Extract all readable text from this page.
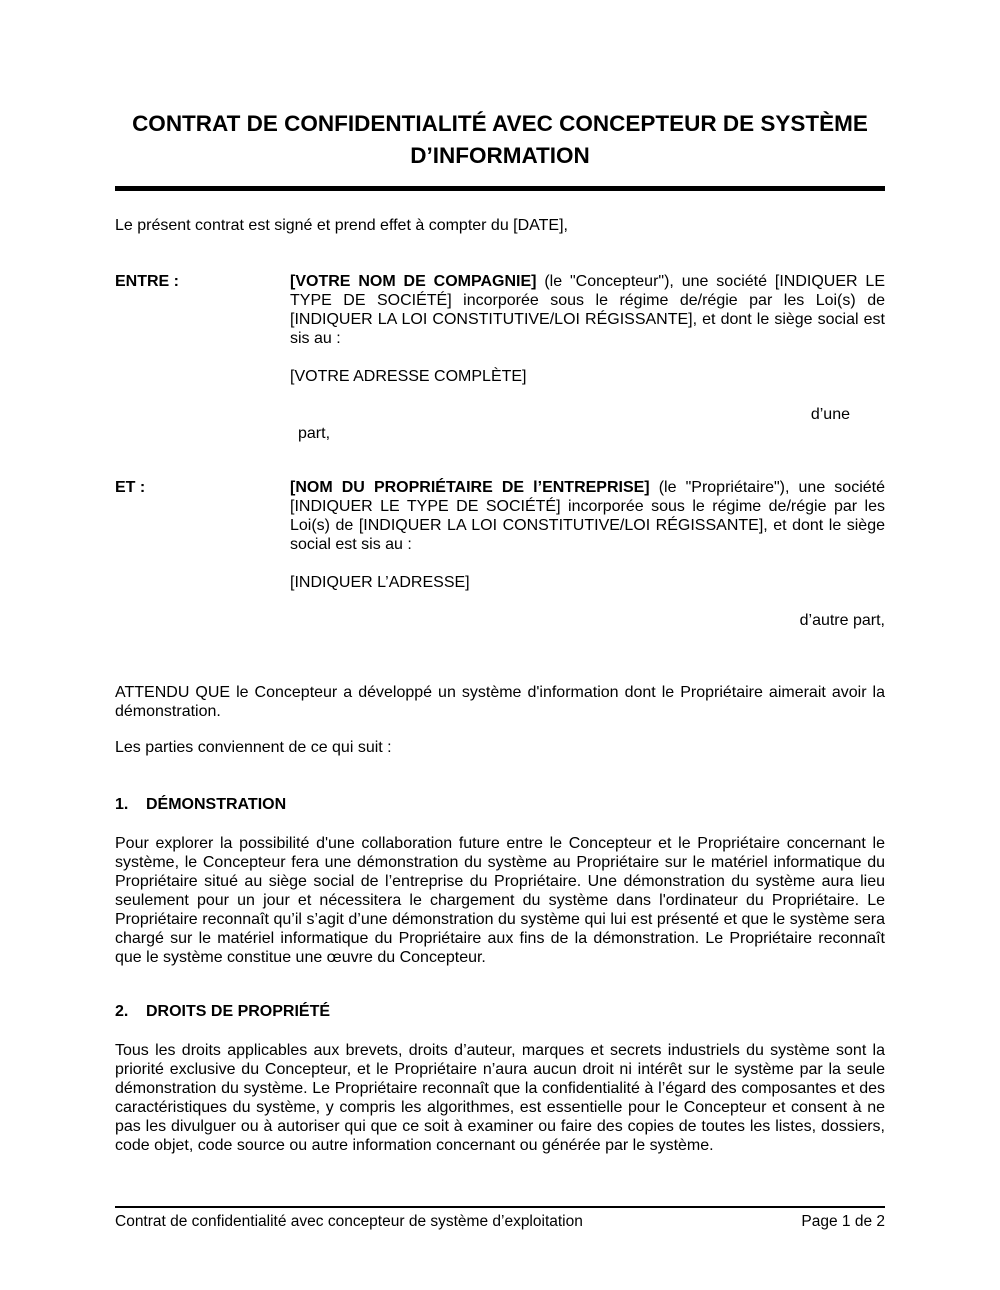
CONTRAT DE CONFIDENTIALITÉ AVEC CONCEPTEUR DE SYSTÈME D’INFORMATION

Le présent contrat est signé et prend effet à compter du [DATE],

ENTRE :	[VOTRE NOM DE COMPAGNIE] (le "Concepteur"), une société [INDIQUER LE TYPE DE SOCIÉTÉ] incorporée sous le régime de/régie par les Loi(s) de [INDIQUER LA LOI CONSTITUTIVE/LOI RÉGISSANTE], et dont le siège social est sis au :

[VOTRE ADRESSE COMPLÈTE]

d’une
part,
ET :	[NOM DU PROPRIÉTAIRE DE l’ENTREPRISE] (le "Propriétaire"), une société [INDIQUER LE TYPE DE SOCIÉTÉ] incorporée sous le régime de/régie par les Loi(s) de [INDIQUER LA LOI CONSTITUTIVE/LOI RÉGISSANTE], et dont le siège social est sis au :

[INDIQUER L’ADRESSE]

d’autre part,

ATTENDU QUE le Concepteur a développé un système d'information dont le Propriétaire aimerait avoir la démonstration.

Les parties conviennent de ce qui suit :

1.	DÉMONSTRATION

Pour explorer la possibilité d'une collaboration future entre le Concepteur et le Propriétaire concernant le système, le Concepteur fera une démonstration du système au Propriétaire sur le matériel informatique du Propriétaire situé au siège social de l’entreprise du Propriétaire. Une démonstration du système aura lieu seulement pour un jour et nécessitera le chargement du système dans l'ordinateur du Propriétaire. Le Propriétaire reconnaît qu’il s’agit d’une démonstration du système qui lui est présenté et que le système sera chargé sur le matériel informatique du Propriétaire aux fins de la démonstration. Le Propriétaire reconnaît que le système constitue une œuvre du Concepteur.

2.	DROITS DE PROPRIÉTÉ

Tous les droits applicables aux brevets, droits d’auteur, marques et secrets industriels du système sont la priorité exclusive du Concepteur, et le Propriétaire n’aura aucun droit ni intérêt sur le système par la seule démonstration du système. Le Propriétaire reconnaît que la confidentialité à l’égard des composantes et des caractéristiques du système, y compris les algorithmes, est essentielle pour le Concepteur et consent à ne pas les divulguer ou à autoriser qui que ce soit à examiner ou faire des copies de toutes les listes, dossiers, code objet, code source ou autre information concernant ou générée par le système.

Contrat de confidentialité avec concepteur de système d’exploitation	Page 1 de 2
